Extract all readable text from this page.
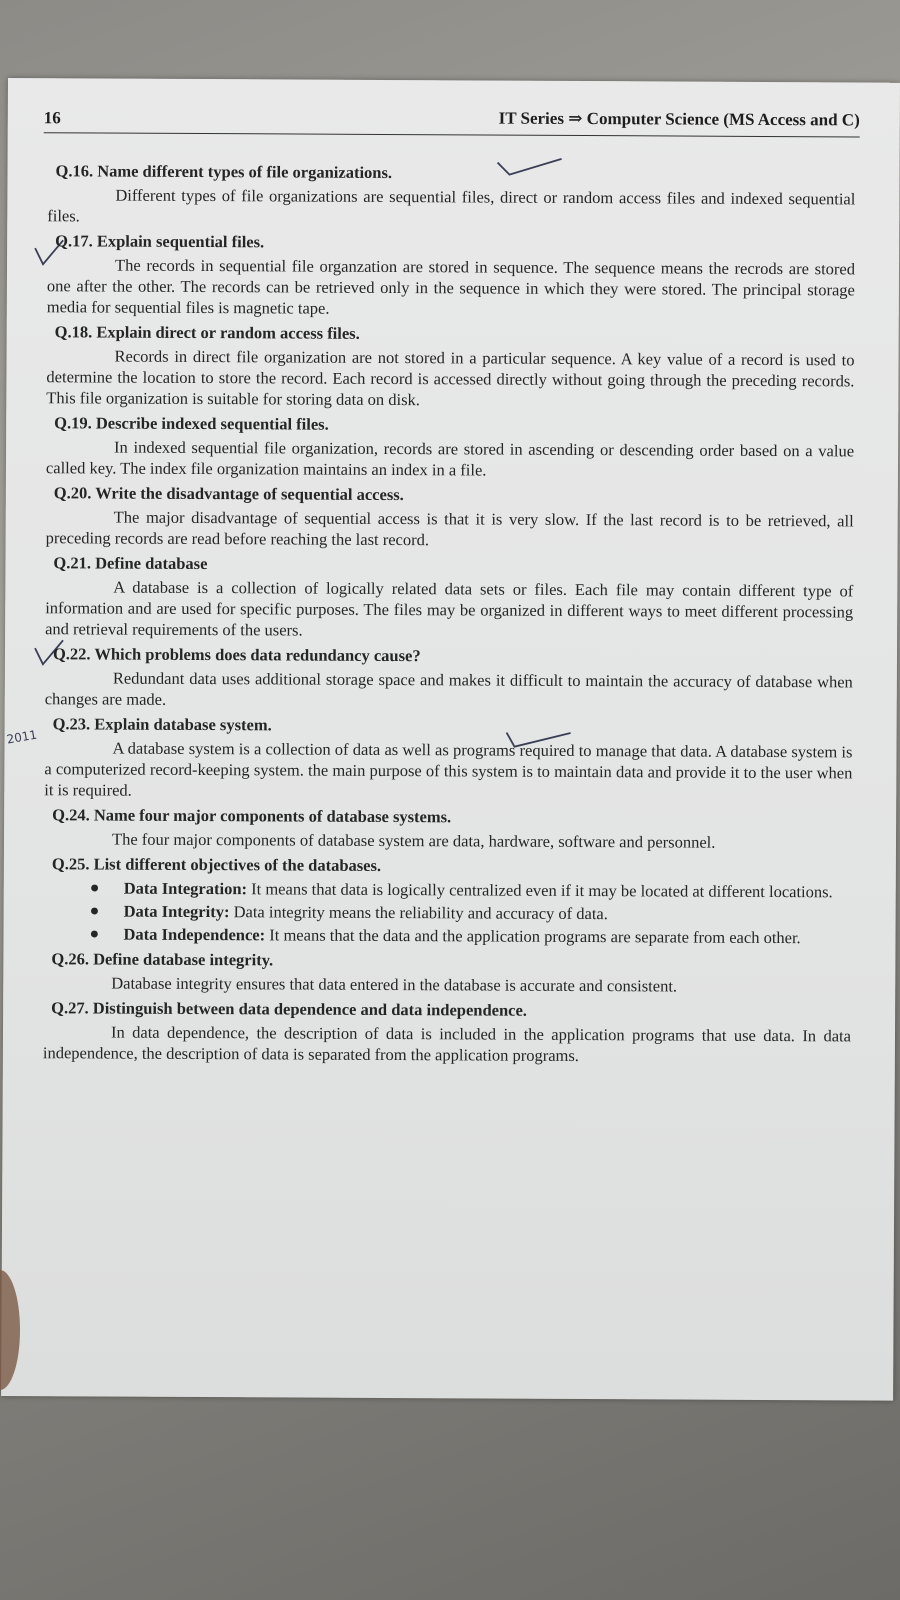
16	IT Series ⇒ Computer Science (MS Access and C)
2011
Q.16. Name different types of file organizations.

Different types of file organizations are sequential files, direct or random access files and indexed sequential files.

Q.17. Explain sequential files.

The records in sequential file organzation are stored in sequence. The sequence means the recrods are stored one after the other. The records can be retrieved only in the sequence in which they were stored. The principal storage media for sequential files is magnetic tape.

Q.18. Explain direct or random access files.

Records in direct file organization are not stored in a particular sequence. A key value of a record is used to determine the location to store the record. Each record is accessed directly without going through the preceding records. This file organization is suitable for storing data on disk.

Q.19. Describe indexed sequential files.

In indexed sequential file organization, records are stored in ascending or descending order based on a value called key. The index file organization maintains an index in a file.

Q.20. Write the disadvantage of sequential access.

The major disadvantage of sequential access is that it is very slow. If the last record is to be retrieved, all preceding records are read before reaching the last record.

Q.21. Define database

A database is a collection of logically related data sets or files. Each file may contain different type of information and are used for specific purposes. The files may be organized in different ways to meet different processing and retrieval requirements of the users.

Q.22. Which problems does data redundancy cause?

Redundant data uses additional storage space and makes it difficult to maintain the accuracy of database when changes are made.

Q.23. Explain database system.

A database system is a collection of data as well as programs required to manage that data. A database system is a computerized record-keeping system. the main purpose of this system is to maintain data and provide it to the user when it is required.

Q.24. Name four major components of database systems.

The four major components of database system are data, hardware, software and personnel.

Q.25. List different objectives of the databases.
● Data Integration: It means that data is logically centralized even if it may be located at different locations.
● Data Integrity: Data integrity means the reliability and accuracy of data.
● Data Independence: It means that the data and the application programs are separate from each other.
Q.26. Define database integrity.

Database integrity ensures that data entered in the database is accurate and consistent.

Q.27. Distinguish between data dependence and data independence.

In data dependence, the description of data is included in the application programs that use data. In data independence, the description of data is separated from the application programs.
